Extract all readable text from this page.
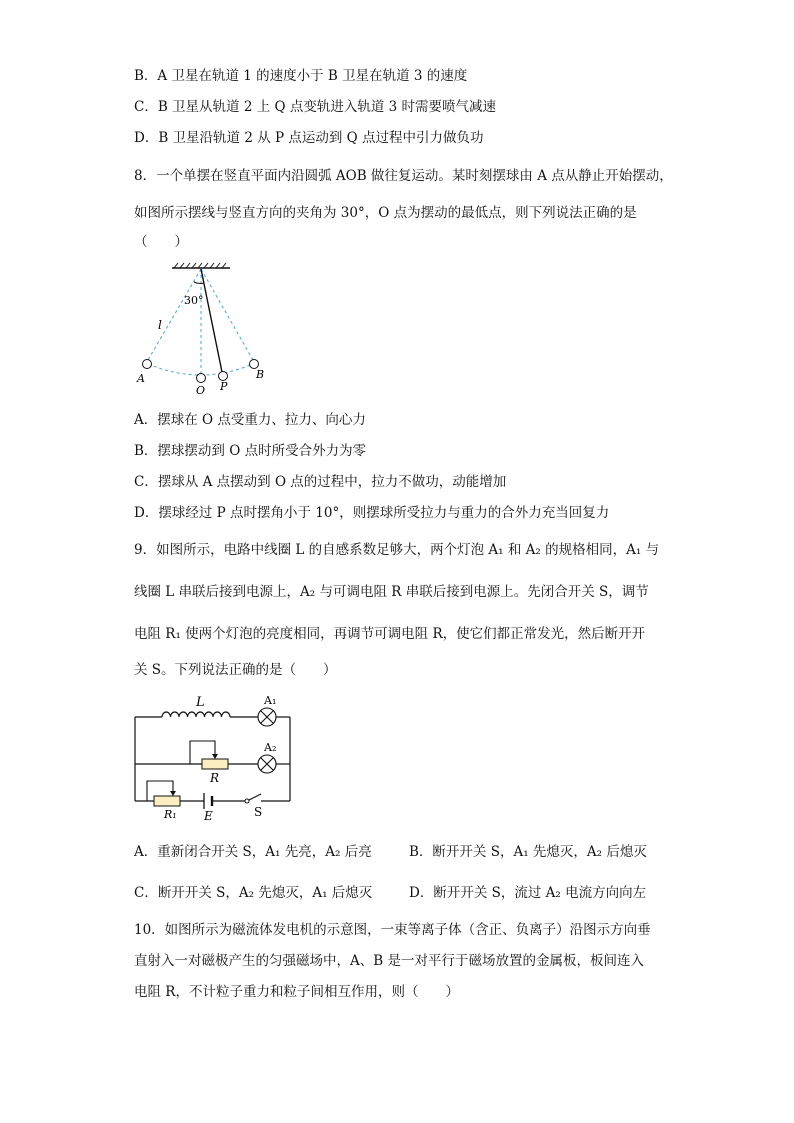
B．A 卫星在轨道 1 的速度小于 B 卫星在轨道 3 的速度
C．B 卫星从轨道 2 上 Q 点变轨进入轨道 3 时需要喷气减速
D．B 卫星沿轨道 2 从 P 点运动到 Q 点过程中引力做负功
8．一个单摆在竖直平面内沿圆弧 AOB 做往复运动。某时刻摆球由 A 点从静止开始摆动，
如图所示摆线与竖直方向的夹角为 30°，O 点为摆动的最低点，则下列说法正确的是
（　　）
30°
l
A
O P
B
A．摆球在 O 点受重力、拉力、向心力
B．摆球摆动到 O 点时所受合外力为零
C．摆球从 A 点摆动到 O 点的过程中，拉力不做功，动能增加
D．摆球经过 P 点时摆角小于 10°，则摆球所受拉力与重力的合外力充当回复力
9．如图所示，电路中线圈 L 的自感系数足够大，两个灯泡 A₁ 和 A₂ 的规格相同，A₁ 与
线圈 L 串联后接到电源上，A₂ 与可调电阻 R 串联后接到电源上。先闭合开关 S，调节
电阻 R₁ 使两个灯泡的亮度相同，再调节可调电阻 R，使它们都正常发光，然后断开开
关 S。下列说法正确的是（　　）
L	A₁
A₂
R
R₁ E	S
A．重新闭合开关 S，A₁ 先亮，A₂ 后亮	B．断开开关 S，A₁ 先熄灭，A₂ 后熄灭
C．断开开关 S，A₂ 先熄灭，A₁ 后熄灭	D．断开开关 S，流过 A₂ 电流方向向左
10．如图所示为磁流体发电机的示意图，一束等离子体（含正、负离子）沿图示方向垂
直射入一对磁极产生的匀强磁场中，A、B 是一对平行于磁场放置的金属板，板间连入
电阻 R，不计粒子重力和粒子间相互作用，则（　　）
